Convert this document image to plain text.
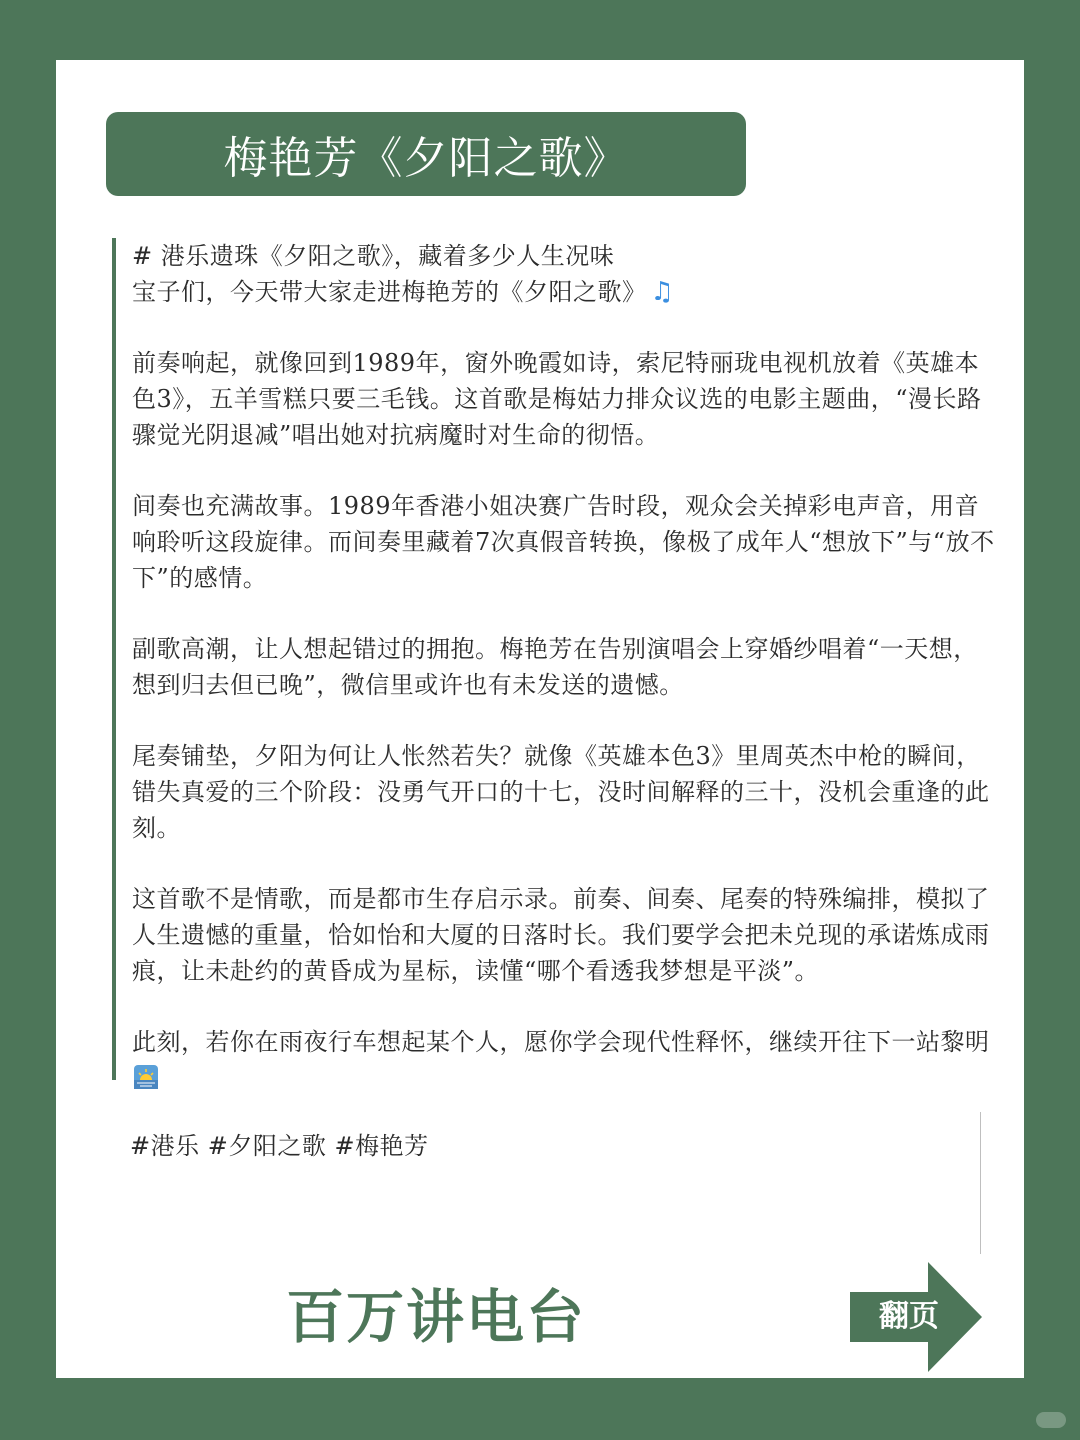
梅艳芳《夕阳之歌》

# 港乐遗珠《夕阳之歌》，藏着多少人生况味

宝子们，今天带大家走进梅艳芳的《夕阳之歌》 ♫

前奏响起，就像回到1989年，窗外晚霞如诗，索尼特丽珑电视机放着《英雄本色3》，五羊雪糕只要三毛钱。这首歌是梅姑力排众议选的电影主题曲，“漫长路骤觉光阴退减”唱出她对抗病魔时对生命的彻悟。

间奏也充满故事。1989年香港小姐决赛广告时段，观众会关掉彩电声音，用音响聆听这段旋律。而间奏里藏着7次真假音转换，像极了成年人“想放下”与“放不下”的感情。

副歌高潮，让人想起错过的拥抱。梅艳芳在告别演唱会上穿婚纱唱着“一天想，想到归去但已晚”，微信里或许也有未发送的遗憾。

尾奏铺垫，夕阳为何让人怅然若失？就像《英雄本色3》里周英杰中枪的瞬间，错失真爱的三个阶段：没勇气开口的十七，没时间解释的三十，没机会重逢的此刻。

这首歌不是情歌，而是都市生存启示录。前奏、间奏、尾奏的特殊编排，模拟了人生遗憾的重量，恰如怡和大厦的日落时长。我们要学会把未兑现的承诺炼成雨痕，让未赴约的黄昏成为星标，读懂“哪个看透我梦想是平淡”。

此刻，若你在雨夜行车想起某个人，愿你学会现代性释怀，继续开往下一站黎明

#港乐 #夕阳之歌 #梅艳芳
百万讲电台	翻页
